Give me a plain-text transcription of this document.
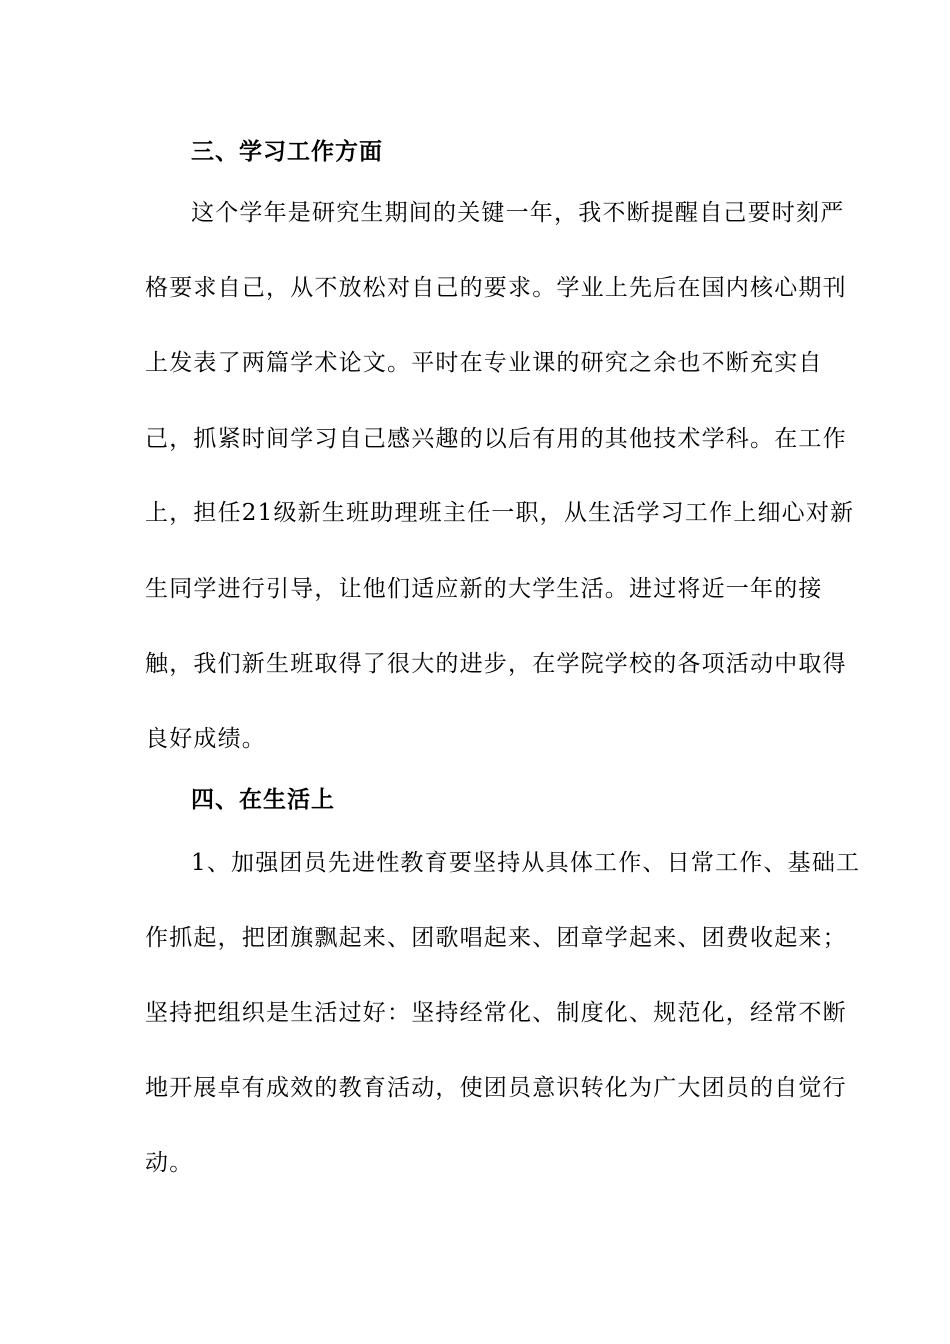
三、学习工作方面
这个学年是研究生期间的关键一年，我不断提醒自己要时刻严
格要求自己，从不放松对自己的要求。学业上先后在国内核心期刊
上发表了两篇学术论文。平时在专业课的研究之余也不断充实自
己，抓紧时间学习自己感兴趣的以后有用的其他技术学科。在工作
上，担任21级新生班助理班主任一职，从生活学习工作上细心对新
生同学进行引导，让他们适应新的大学生活。进过将近一年的接
触，我们新生班取得了很大的进步，在学院学校的各项活动中取得
良好成绩。
四、在生活上
1、加强团员先进性教育要坚持从具体工作、日常工作、基础工
作抓起，把团旗飘起来、团歌唱起来、团章学起来、团费收起来；
坚持把组织是生活过好：坚持经常化、制度化、规范化，经常不断
地开展卓有成效的教育活动，使团员意识转化为广大团员的自觉行
动。
